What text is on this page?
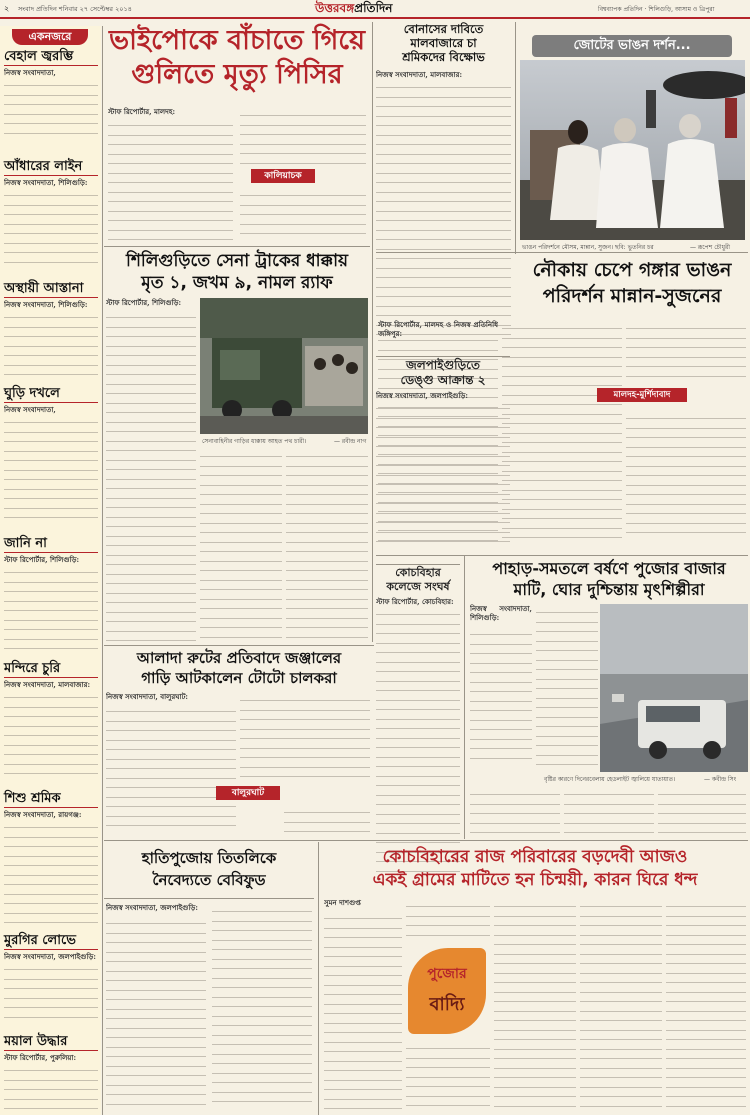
২ সংবাদ প্রতিদিন শনিবার ২৭ সেপ্টেম্বর ২০১৪	উত্তরবঙ্গপ্রতিদিন	বিশ্বব্যাপক প্রতিদিন · শিলিগুড়ি, আসাম ও ত্রিপুরা
একনজরে
বেহাল জ্বরম্ভি
নিজস্ব সংবাদদাতা,
আঁধারের লাইন
নিজস্ব সংবাদদাতা, শিলিগুড়ি:
অস্থায়ী আস্তানা
নিজস্ব সংবাদদাতা, শিলিগুড়ি:
ঘুড়ি দখলে
নিজস্ব সংবাদদাতা,
জানি না
স্টাফ রিপোর্টার, শিলিগুড়ি:
মন্দিরে চুরি
নিজস্ব সংবাদদাতা, মালবাজার:
শিশু শ্রমিক
নিজস্ব সংবাদদাতা, রায়গঞ্জ:
মুরগির লোভে
নিজস্ব সংবাদদাতা, জলপাইগুড়ি:
ময়াল উদ্ধার
স্টাফ রিপোর্টার, পুরুলিয়া:
ভাইপোকে বাঁচাতে গিয়ে
গুলিতে মৃত্যু পিসির
স্টাফ রিপোর্টার, মালদহ:
কালিয়াচক
বোনাসের দাবিতে
মালবাজারে চা
শ্রমিকদের বিক্ষোভ
নিজস্ব সংবাদদাতা, মালবাজার:
জোটের ভাঙন দর্শন...
ভাঙন পরিদর্শনে মৌসম, মান্নান, সুজন। ছবি: ভুতনির চর	— রূপেশ চৌধুরী
নৌকায় চেপে গঙ্গার ভাঙন
পরিদর্শন মান্নান-সুজনের
স্টাফ রিপোর্টার, মালদহ ও নিজস্ব প্রতিনিধি জঙ্গিপুর:
মালদহ-মুর্শিদাবাদ
শিলিগুড়িতে সেনা ট্রাকের ধাক্কায়
মৃত ১, জখম ৯, নামল র‌্যাফ
স্টাফ রিপোর্টার, শিলিগুড়ি:
সেনাবাহিনীর গাড়ির ধাক্কায় আহত পথ চারী।	— রবীন্দ্র নাগ
জলপাইগুড়িতে
ডেঙ্গু আক্রান্ত ২
নিজস্ব সংবাদদাতা, জলপাইগুড়ি:
কোচবিহার
কলেজে সংঘর্ষ
স্টাফ রিপোর্টার, কোচবিহার:
আলাদা রুটের প্রতিবাদে জঞ্জালের
গাড়ি আটকালেন টোটো চালকরা
নিজস্ব সংবাদদাতা, বালুরঘাট:
বালুরঘাট
পাহাড়-সমতলে বর্ষণে পুজোর বাজার
মাটি, ঘোর দুশ্চিন্তায় মৃৎশিল্পীরা
নিজস্ব সংবাদদাতা, শিলিগুড়ি:
বৃষ্টির কারণে দিনেরবেলায় হেডলাইট জ্বালিয়ে যাতায়াত।	— কবীন্দ্র সিং
হাতিপুজোয় তিতলিকে
নৈবেদ্যতে বেবিফুড
নিজস্ব সংবাদদাতা, জলপাইগুড়ি:
কোচবিহারের রাজ পরিবারের বড়দেবী আজও
একই গ্রামের মাটিতে হন চিন্ময়ী, কারন ঘিরে ধন্দ
সুমন দাশগুপ্ত
পুজোর
বাদ্যি
